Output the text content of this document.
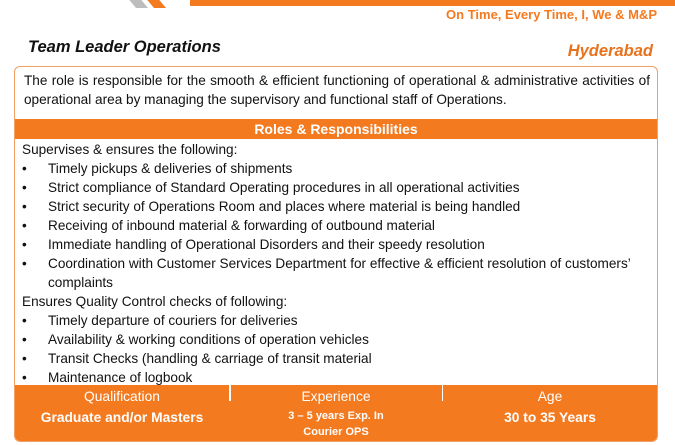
On Time, Every Time, I, We & M&P
Team Leader Operations	Hyderabad
The role is responsible for the smooth & efficient functioning of operational & administrative activities of operational area by managing the supervisory and functional staff of Operations.
Roles & Responsibilities

Supervises & ensures the following:

• Timely pickups & deliveries of shipments
• Strict compliance of Standard Operating procedures in all operational activities
• Strict security of Operations Room and places where material is being handled
• Receiving of inbound material & forwarding of outbound material
• Immediate handling of Operational Disorders and their speedy resolution
• Coordination with Customer Services Department for effective & efficient resolution of customers’ complaints

Ensures Quality Control checks of following:

• Timely departure of couriers for deliveries
• Availability & working conditions of operation vehicles
• Transit Checks (handling & carriage of transit material
• Maintenance of logbook
Qualification
Graduate and/or Masters
Experience
3 – 5 years Exp. In
Courier OPS
Age
30 to 35 Years
